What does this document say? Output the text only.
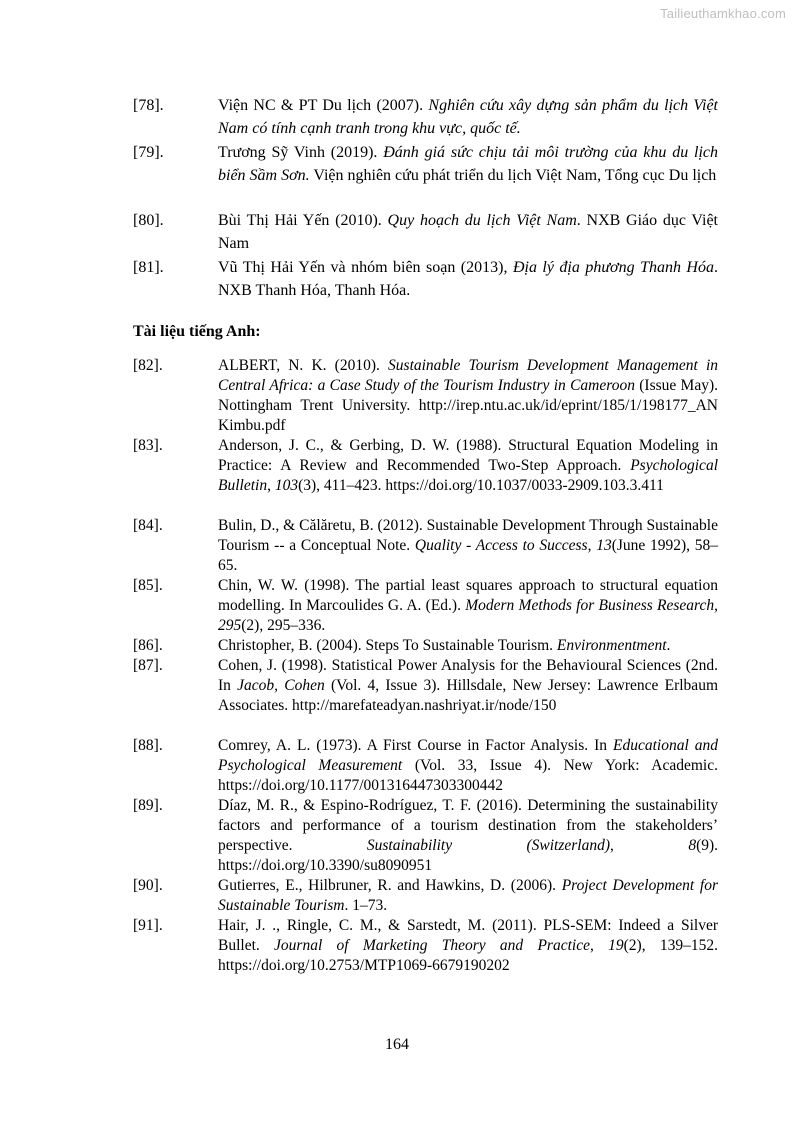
Tailieuthamkhao.com
[78].	Viện NC & PT Du lịch (2007). Nghiên cứu xây dựng sản phẩm du lịch Việt Nam có tính cạnh tranh trong khu vực, quốc tế.
[79].	Trương Sỹ Vinh (2019). Đánh giá sức chịu tải môi trường của khu du lịch biển Sầm Sơn. Viện nghiên cứu phát triển du lịch Việt Nam, Tổng cục Du lịch
[80].	Bùi Thị Hải Yến (2010). Quy hoạch du lịch Việt Nam. NXB Giáo dục Việt Nam
[81].	Vũ Thị Hải Yến và nhóm biên soạn (2013), Địa lý địa phương Thanh Hóa. NXB Thanh Hóa, Thanh Hóa.
Tài liệu tiếng Anh:
[82].	ALBERT, N. K. (2010). Sustainable Tourism Development Management in Central Africa: a Case Study of the Tourism Industry in Cameroon (Issue May). Nottingham Trent University. http://irep.ntu.ac.uk/id/eprint/185/1/198177_AN Kimbu.pdf
[83].	Anderson, J. C., & Gerbing, D. W. (1988). Structural Equation Modeling in Practice: A Review and Recommended Two-Step Approach. Psychological Bulletin, 103(3), 411–423. https://doi.org/10.1037/0033-2909.103.3.411
[84].	Bulin, D., & Călăretu, B. (2012). Sustainable Development Through Sustainable Tourism -- a Conceptual Note. Quality - Access to Success, 13(June 1992), 58–65.
[85].	Chin, W. W. (1998). The partial least squares approach to structural equation modelling. In Marcoulides G. A. (Ed.). Modern Methods for Business Research, 295(2), 295–336.
[86].	Christopher, B. (2004). Steps To Sustainable Tourism. Environmentment.
[87].	Cohen, J. (1998). Statistical Power Analysis for the Behavioural Sciences (2nd. In Jacob, Cohen (Vol. 4, Issue 3). Hillsdale, New Jersey: Lawrence Erlbaum Associates. http://marefateadyan.nashriyat.ir/node/150
[88].	Comrey, A. L. (1973). A First Course in Factor Analysis. In Educational and Psychological Measurement (Vol. 33, Issue 4). New York: Academic. https://doi.org/10.1177/001316447303300442
[89].	Díaz, M. R., & Espino-Rodríguez, T. F. (2016). Determining the sustainability factors and performance of a tourism destination from the stakeholders’ perspective. Sustainability (Switzerland), 8(9). https://doi.org/10.3390/su8090951
[90].	Gutierres, E., Hilbruner, R. and Hawkins, D. (2006). Project Development for Sustainable Tourism. 1–73.
[91].	Hair, J. ., Ringle, C. M., & Sarstedt, M. (2011). PLS-SEM: Indeed a Silver Bullet. Journal of Marketing Theory and Practice, 19(2), 139–152. https://doi.org/10.2753/MTP1069-6679190202
164
